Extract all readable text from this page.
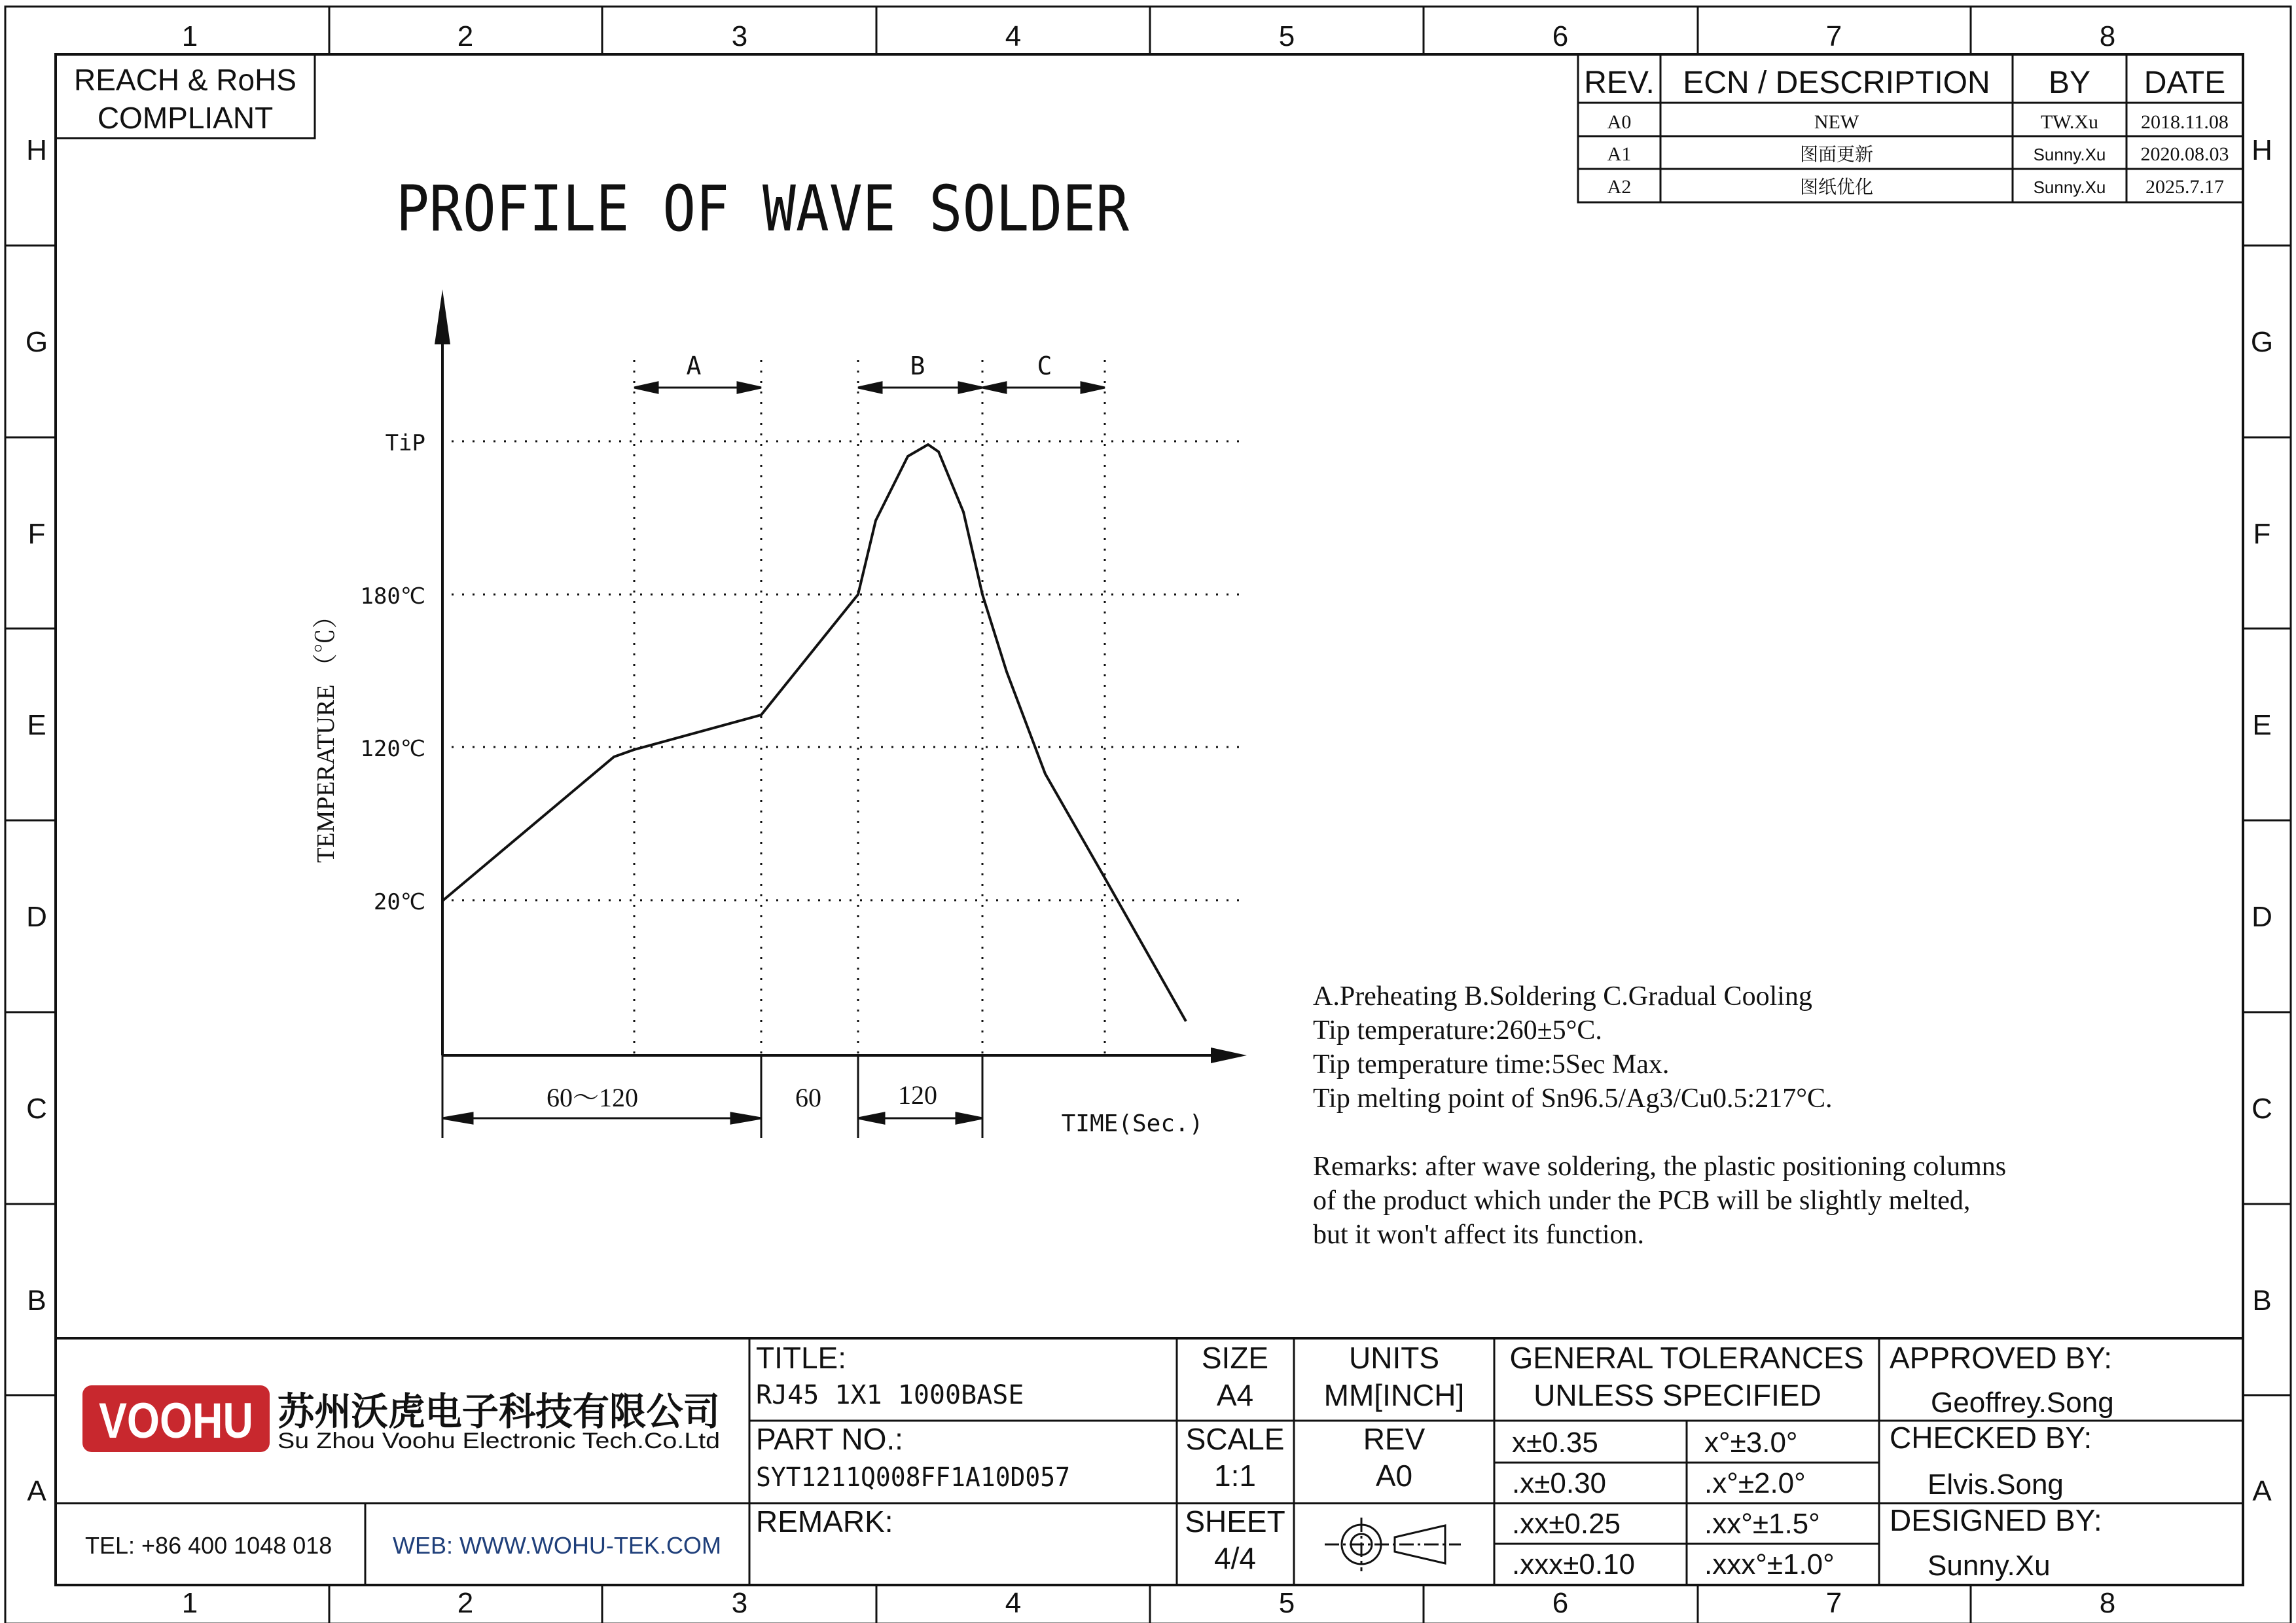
1
1
2
2
3
3
4
4
5
5
6
6
7
7
8
8
H	H
G	G
F	F
E	E
D	D
C	C
B	B
A	A
REACH & RoHS
COMPLIANT
REV. ECN / DESCRIPTION BY DATE
A0	NEW	TW.Xu 2018.11.08
A1	图面更新	Sunny.Xu 2020.08.03
A2	图纸优化	Sunny.Xu 2025.7.17
PROFILE OF WAVE SOLDER
TiP
180℃
120℃
20℃
TEMPERATURE （℃）
TIME(Sec.)
A	B	C
60～120	60	120
A.Preheating B.Soldering C.Gradual Cooling
Tip temperature:260±5°C.
Tip temperature time:5Sec Max.
Tip melting point of Sn96.5/Ag3/Cu0.5:217°C.
Remarks: after wave soldering, the plastic positioning columns
of the product which under the PCB will be slightly melted,
but it won't affect its function.
VOOHU 苏州沃虎电子科技有限公司
Su Zhou Voohu Electronic Tech.Co.Ltd
TEL: +86 400 1048 018	WEB: WWW.WOHU-TEK.COM
TITLE:
RJ45 1X1 1000BASE
PART NO.:
SYT1211Q008FF1A10D057
REMARK:
SIZE
A4
SCALE
1:1
SHEET
4/4
UNITS
MM[INCH]
REV
A0
GENERAL TOLERANCES
UNLESS SPECIFIED
x±0.35	x°±3.0°
.x±0.30	.x°±2.0°
.xx±0.25	.xx°±1.5°
.xxx±0.10 .xxx°±1.0°
APPROVED BY:
Geoffrey.Song
CHECKED BY:
Elvis.Song
DESIGNED BY:
Sunny.Xu
